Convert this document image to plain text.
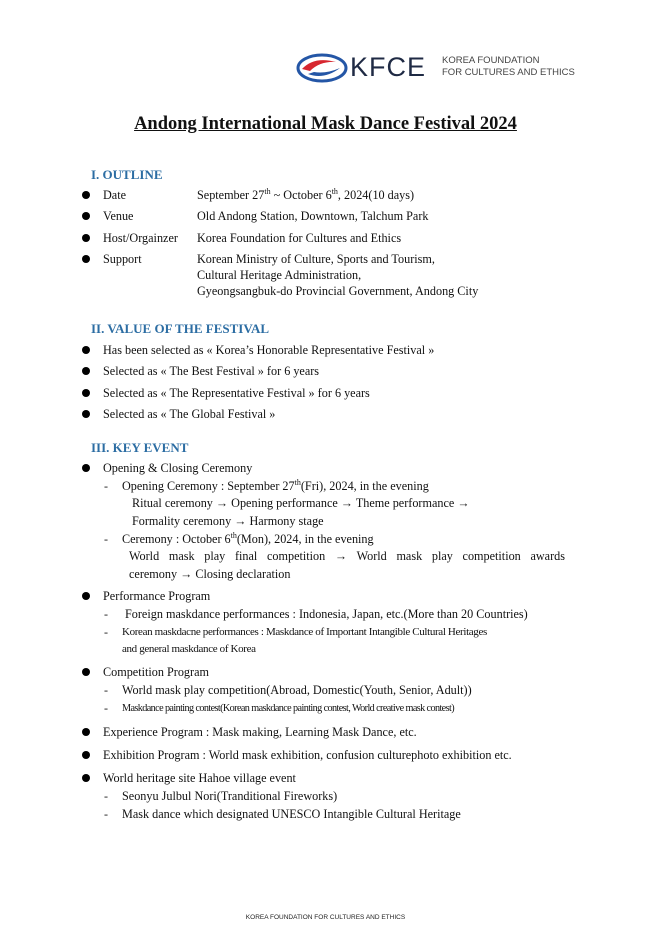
KFCE KOREA FOUNDATION
FOR CULTURES AND ETHICS
Andong International Mask Dance Festival 2024
I. OUTLINE
Date	September 27th ~ October 6th, 2024(10 days)
Venue	Old Andong Station, Downtown, Talchum Park
Host/Orgainzer Korea Foundation for Cultures and Ethics
Support	Korean Ministry of Culture, Sports and Tourism,
Cultural Heritage Administration,
Gyeongsangbuk-do Provincial Government, Andong City
II. VALUE OF THE FESTIVAL
Has been selected as « Korea’s Honorable Representative Festival »
Selected as « The Best Festival » for 6 years
Selected as « The Representative Festival » for 6 years
Selected as « The Global Festival »
III. KEY EVENT
Opening & Closing Ceremony
- Opening Ceremony : September 27th(Fri), 2024, in the evening
Ritual ceremony → Opening performance → Theme performance →
Formality ceremony → Harmony stage
- Ceremony : October 6th(Mon), 2024, in the evening
World mask play final competition → World mask play competition awards
ceremony → Closing declaration
Performance Program
- Foreign maskdance performances : Indonesia, Japan, etc.(More than 20 Countries)
- Korean maskdacne performances : Maskdance of Important Intangible Cultural Heritages
and general maskdance of Korea
Competition Program
- World mask play competition(Abroad, Domestic(Youth, Senior, Adult))
- Maskdance painting contest(Korean maskdance painting contest, World creative mask contest)
Experience Program : Mask making, Learning Mask Dance, etc.
Exhibition Program : World mask exhibition, confusion culturephoto exhibition etc.
World heritage site Hahoe village event
- Seonyu Julbul Nori(Tranditional Fireworks)
- Mask dance which designated UNESCO Intangible Cultural Heritage
KOREA FOUNDATION FOR CULTURES AND ETHICS
